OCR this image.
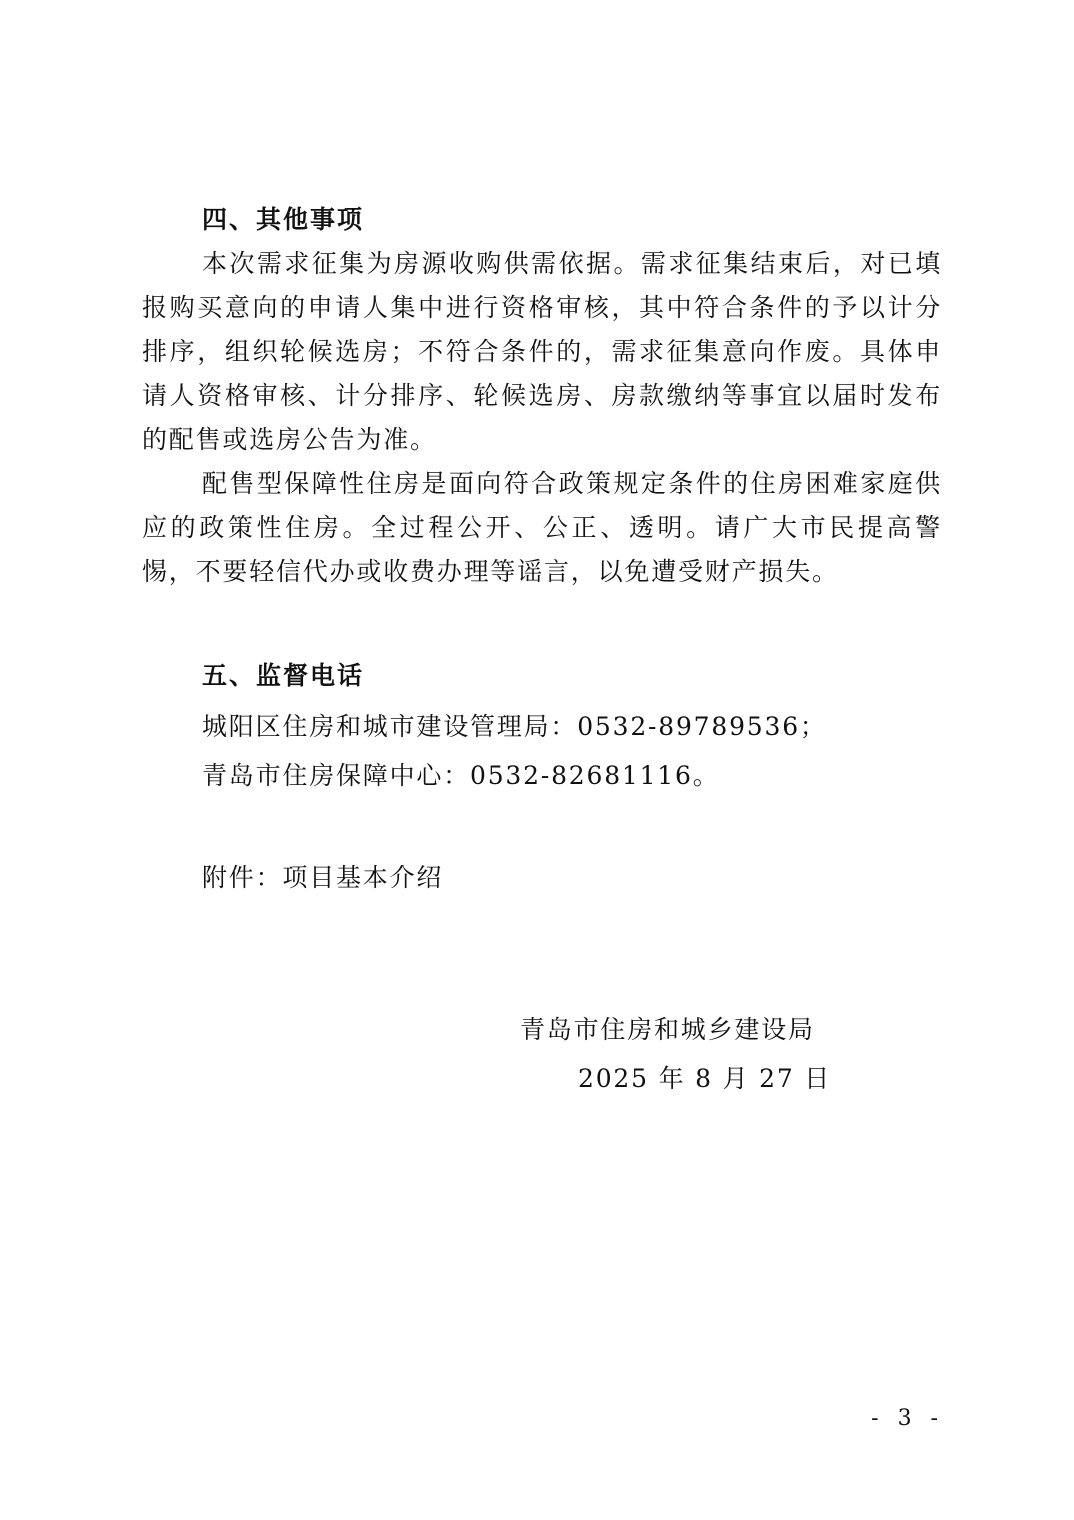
四、其他事项

本次需求征集为房源收购供需依据。需求征集结束后，对已填报购买意向的申请人集中进行资格审核，其中符合条件的予以计分排序，组织轮候选房；不符合条件的，需求征集意向作废。具体申请人资格审核、计分排序、轮候选房、房款缴纳等事宜以届时发布的配售或选房公告为准。

配售型保障性住房是面向符合政策规定条件的住房困难家庭供应的政策性住房。全过程公开、公正、透明。请广大市民提高警惕，不要轻信代办或收费办理等谣言，以免遭受财产损失。

五、监督电话
城阳区住房和城市建设管理局：0532-89789536；
青岛市住房保障中心：0532-82681116。
附件：项目基本介绍
青岛市住房和城乡建设局
2025 年 8 月 27 日
- 3 -
